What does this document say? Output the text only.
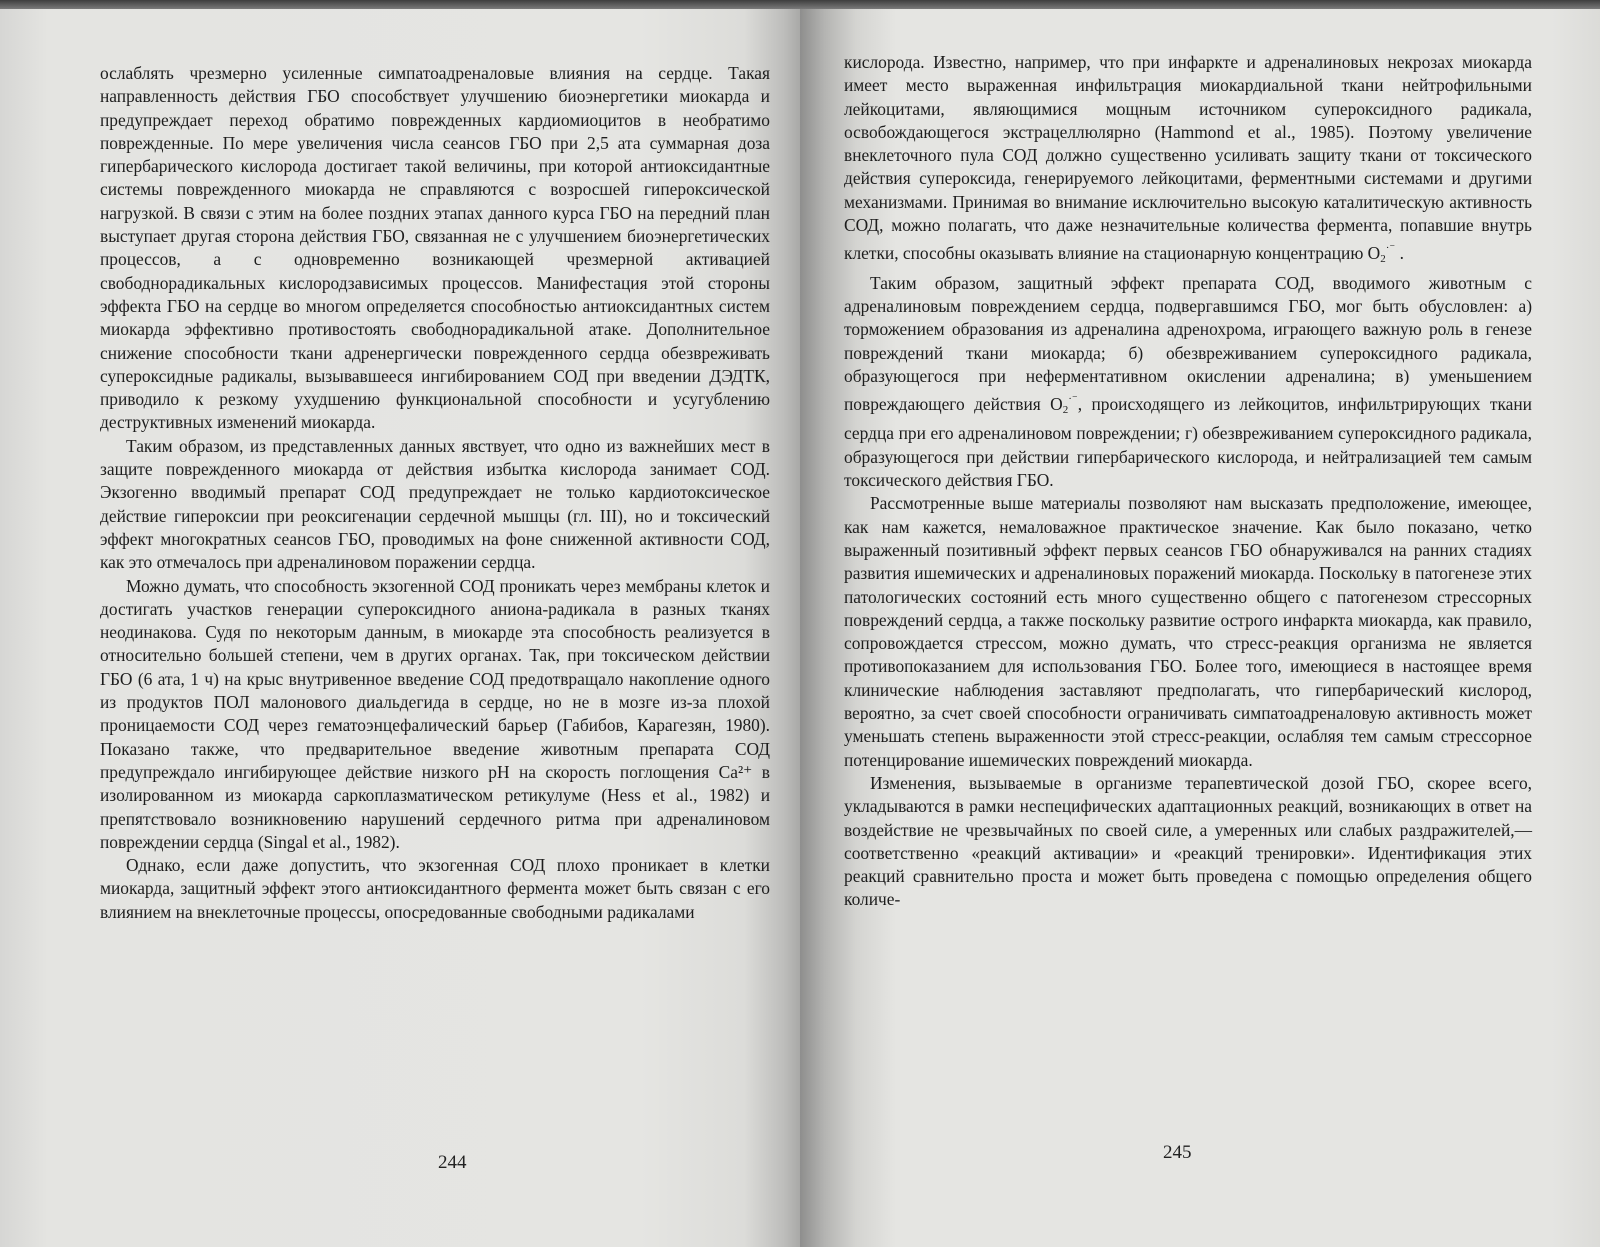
ослаблять чрезмерно усиленные симпатоадреналовые влияния на сердце. Такая направленность действия ГБО способствует улучшению биоэнергетики миокарда и предупреждает переход обратимо поврежденных кардиомиоцитов в необратимо поврежденные. По мере увеличения числа сеансов ГБО при 2,5 ата суммарная доза гипербарического кислорода достигает такой величины, при которой антиоксидантные системы поврежденного миокарда не справляются с возросшей гипероксической нагрузкой. В связи с этим на более поздних этапах данного курса ГБО на передний план выступает другая сторона действия ГБО, связанная не с улучшением биоэнергетических процессов, а с одновременно возникающей чрезмерной активацией свободнорадикальных кислородзависимых процессов. Манифестация этой стороны эффекта ГБО на сердце во многом определяется способностью антиоксидантных систем миокарда эффективно противостоять свободнорадикальной атаке. Дополнительное снижение способности ткани адренергически поврежденного сердца обезвреживать супероксидные радикалы, вызывавшееся ингибированием СОД при введении ДЭДТК, приводило к резкому ухудшению функциональной способности и усугублению деструктивных изменений миокарда.

Таким образом, из представленных данных явствует, что одно из важнейших мест в защите поврежденного миокарда от действия избытка кислорода занимает СОД. Экзогенно вводимый препарат СОД предупреждает не только кардиотоксическое действие гипероксии при реоксигенации сердечной мышцы (гл. III), но и токсический эффект многократных сеансов ГБО, проводимых на фоне сниженной активности СОД, как это отмечалось при адреналиновом поражении сердца.

Можно думать, что способность экзогенной СОД проникать через мембраны клеток и достигать участков генерации супероксидного аниона-радикала в разных тканях неодинакова. Судя по некоторым данным, в миокарде эта способность реализуется в относительно большей степени, чем в других органах. Так, при токсическом действии ГБО (6 ата, 1 ч) на крыс внутривенное введение СОД предотвращало накопление одного из продуктов ПОЛ малонового диальдегида в сердце, но не в мозге из-за плохой проницаемости СОД через гематоэнцефалический барьер (Габибов, Карагезян, 1980). Показано также, что предварительное введение животным препарата СОД предупреждало ингибирующее действие низкого pH на скорость поглощения Ca²⁺ в изолированном из миокарда саркоплазматическом ретикулуме (Hess et al., 1982) и препятствовало возникновению нарушений сердечного ритма при адреналиновом повреждении сердца (Singal et al., 1982).

Однако, если даже допустить, что экзогенная СОД плохо проникает в клетки миокарда, защитный эффект этого антиоксидантного фермента может быть связан с его влиянием на внеклеточные процессы, опосредованные свободными радикалами

244

кислорода. Известно, например, что при инфаркте и адреналиновых некрозах миокарда имеет место выраженная инфильтрация миокардиальной ткани нейтрофильными лейкоцитами, являющимися мощным источником супероксидного радикала, освобождающегося экстрацеллюлярно (Hammond et al., 1985). Поэтому увеличение внеклеточного пула СОД должно существенно усиливать защиту ткани от токсического действия супероксида, генерируемого лейкоцитами, ферментными системами и другими механизмами. Принимая во внимание исключительно высокую каталитическую активность СОД, можно полагать, что даже незначительные количества фермента, попавшие внутрь клетки, способны оказывать влияние на стационарную концентрацию $O_2^{\cdot^-}$ .

Таким образом, защитный эффект препарата СОД, вводимого животным с адреналиновым повреждением сердца, подвергавшимся ГБО, мог быть обусловлен: а) торможением образования из адреналина адренохрома, играющего важную роль в генезе повреждений ткани миокарда; б) обезвреживанием супероксидного радикала, образующегося при неферментативном окислении адреналина; в) уменьшением повреждающего действия $O_2^{\cdot^-}$, происходящего из лейкоцитов, инфильтрирующих ткани сердца при его адреналиновом повреждении; г) обезвреживанием супероксидного радикала, образующегося при действии гипербарического кислорода, и нейтрализацией тем самым токсического действия ГБО.

Рассмотренные выше материалы позволяют нам высказать предположение, имеющее, как нам кажется, немаловажное практическое значение. Как было показано, четко выраженный позитивный эффект первых сеансов ГБО обнаруживался на ранних стадиях развития ишемических и адреналиновых поражений миокарда. Поскольку в патогенезе этих патологических состояний есть много существенно общего с патогенезом стрессорных повреждений сердца, а также поскольку развитие острого инфаркта миокарда, как правило, сопровождается стрессом, можно думать, что стресс-реакция организма не является противопоказанием для использования ГБО. Более того, имеющиеся в настоящее время клинические наблюдения заставляют предполагать, что гипербарический кислород, вероятно, за счет своей способности ограничивать симпатоадреналовую активность может уменьшать степень выраженности этой стресс-реакции, ослабляя тем самым стрессорное потенцирование ишемических повреждений миокарда.

Изменения, вызываемые в организме терапевтической дозой ГБО, скорее всего, укладываются в рамки неспецифических адаптационных реакций, возникающих в ответ на воздействие не чрезвычайных по своей силе, а умеренных или слабых раздражителей,— соответственно «реакций активации» и «реакций тренировки». Идентификация этих реакций сравнительно проста и может быть проведена с помощью определения общего количе-

245
